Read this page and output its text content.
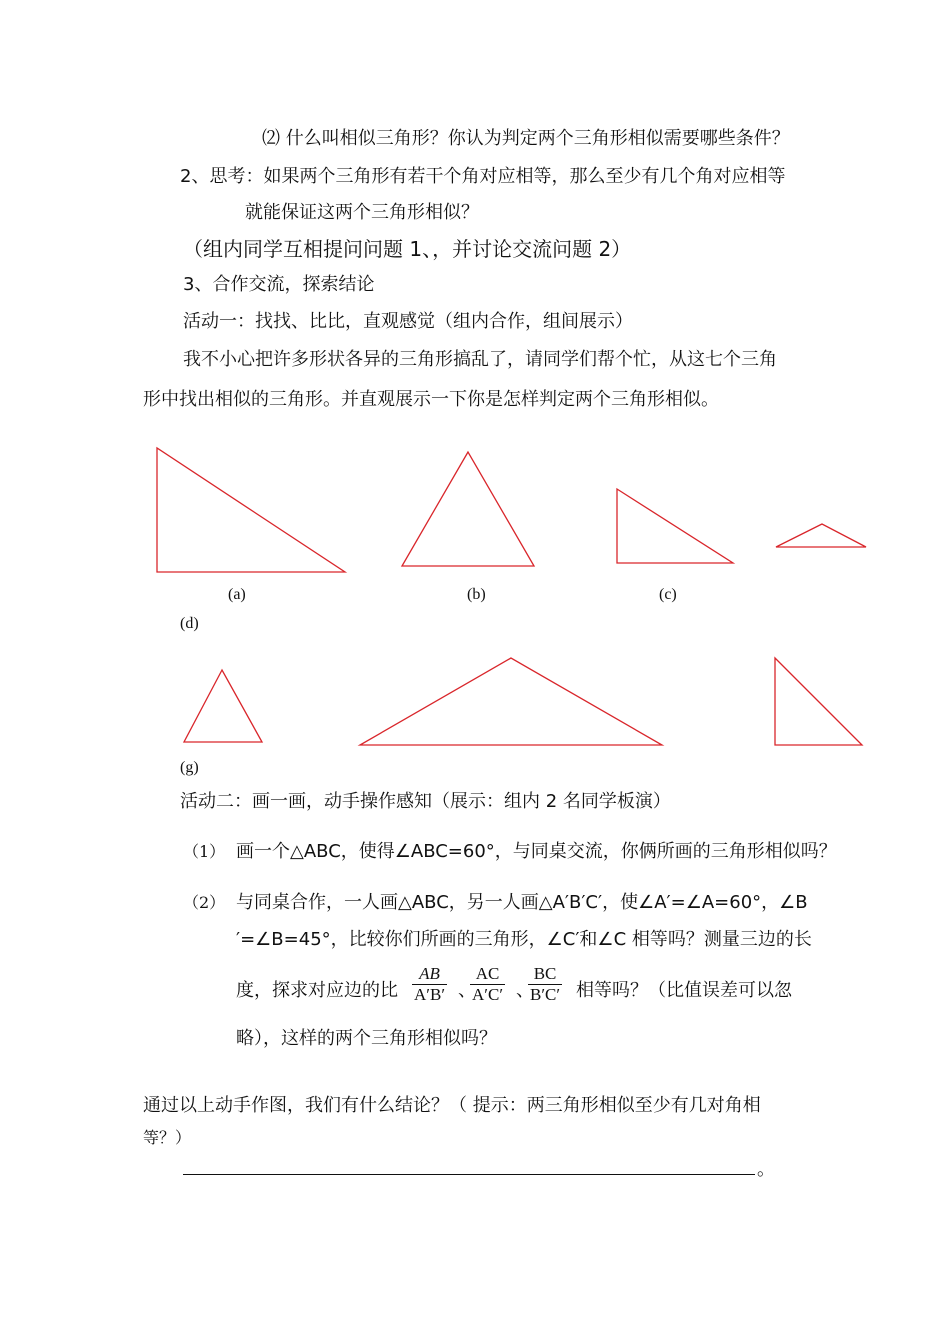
⑵ 什么叫相似三角形？你认为判定两个三角形相似需要哪些条件？
2、思考：如果两个三角形有若干个角对应相等，那么至少有几个角对应相等
就能保证这两个三角形相似？
（组内同学互相提问问题 1、，并讨论交流问题 2）
3、合作交流，探索结论
活动一：找找、比比，直观感觉（组内合作，组间展示）
我不小心把许多形状各异的三角形搞乱了，请同学们帮个忙，从这七个三角
形中找出相似的三角形。并直观展示一下你是怎样判定两个三角形相似。
(a)	(b)	(c)
(d)
(g)
活动二：画一画，动手操作感知（展示：组内 2 名同学板演）
（1） 画一个△ABC，使得∠ABC=60°，与同桌交流，你俩所画的三角形相似吗？
（2） 与同桌合作，一人画△ABC，另一人画△A′B′C′，使∠A′=∠A=60°，∠B
′=∠B=45°，比较你们所画的三角形，∠C′和∠C 相等吗？测量三边的长
度，探求对应边的比 $\frac{AB}{A'B'}$ 、
$\frac{AC}{A'C'}$ 、
$\frac{BC}{B'C'}$ 相等吗？（比值误差可以忽
略），这样的两个三角形相似吗？
通过以上动手作图，我们有什么结论？（ 提示：两三角形相似至少有几对角相
等？）
。
